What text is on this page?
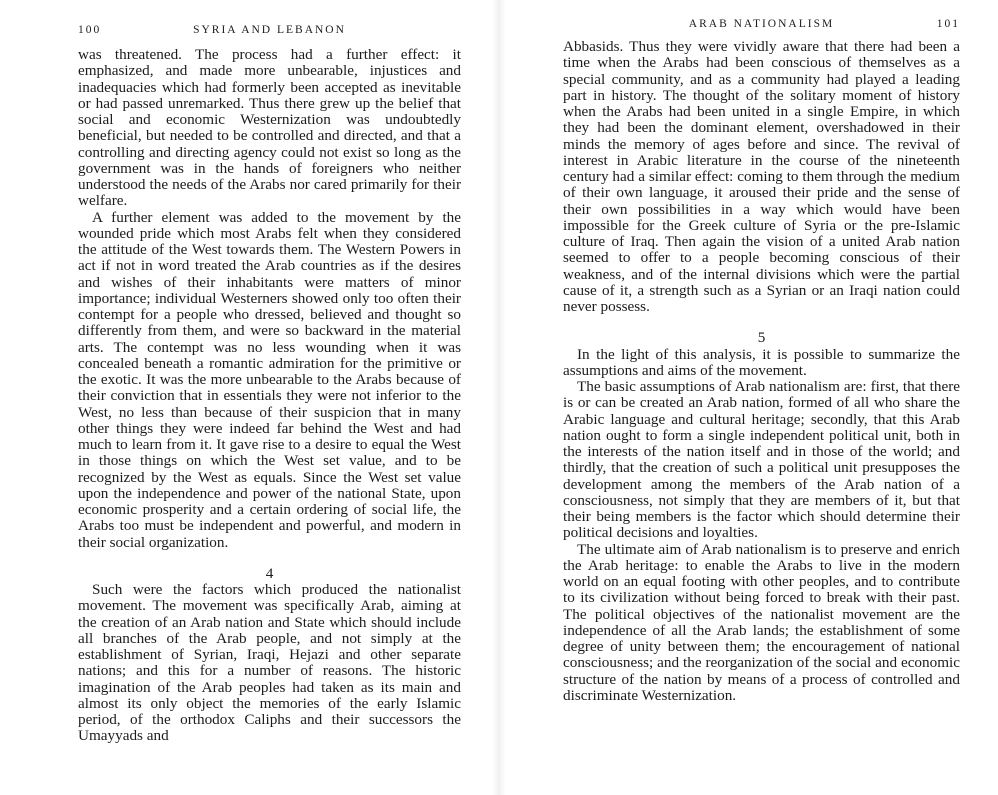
100	SYRIA AND LEBANON

was threatened. The process had a further effect: it emphasized, and made more unbearable, injustices and inadequacies which had formerly been accepted as inevitable or had passed unremarked. Thus there grew up the belief that social and economic Westernization was undoubtedly beneficial, but needed to be controlled and directed, and that a controlling and directing agency could not exist so long as the government was in the hands of foreigners who neither understood the needs of the Arabs nor cared primarily for their welfare.

A further element was added to the movement by the wounded pride which most Arabs felt when they considered the attitude of the West towards them. The Western Powers in act if not in word treated the Arab countries as if the desires and wishes of their inhabitants were matters of minor importance; individual Westerners showed only too often their contempt for a people who dressed, believed and thought so differently from them, and were so backward in the material arts. The contempt was no less wounding when it was concealed beneath a romantic admiration for the primitive or the exotic. It was the more unbearable to the Arabs because of their conviction that in essentials they were not inferior to the West, no less than because of their suspicion that in many other things they were indeed far behind the West and had much to learn from it. It gave rise to a desire to equal the West in those things on which the West set value, and to be recognized by the West as equals. Since the West set value upon the independence and power of the national State, upon economic prosperity and a certain ordering of social life, the Arabs too must be independent and powerful, and modern in their social organization.

4

Such were the factors which produced the nationalist movement. The movement was specifically Arab, aiming at the creation of an Arab nation and State which should include all branches of the Arab people, and not simply at the establishment of Syrian, Iraqi, Hejazi and other separate nations; and this for a number of reasons. The historic imagination of the Arab peoples had taken as its main and almost its only object the memories of the early Islamic period, of the orthodox Caliphs and their successors the Umayyads and

ARAB NATIONALISM	101

Abbasids. Thus they were vividly aware that there had been a time when the Arabs had been conscious of themselves as a special community, and as a community had played a leading part in history. The thought of the solitary moment of history when the Arabs had been united in a single Empire, in which they had been the dominant element, overshadowed in their minds the memory of ages before and since. The revival of interest in Arabic literature in the course of the nineteenth century had a similar effect: coming to them through the medium of their own language, it aroused their pride and the sense of their own possibilities in a way which would have been impossible for the Greek culture of Syria or the pre-Islamic culture of Iraq. Then again the vision of a united Arab nation seemed to offer to a people becoming conscious of their weakness, and of the internal divisions which were the partial cause of it, a strength such as a Syrian or an Iraqi nation could never possess.

5

In the light of this analysis, it is possible to summarize the assumptions and aims of the movement.

The basic assumptions of Arab nationalism are: first, that there is or can be created an Arab nation, formed of all who share the Arabic language and cultural heritage; secondly, that this Arab nation ought to form a single independent political unit, both in the interests of the nation itself and in those of the world; and thirdly, that the creation of such a political unit presupposes the development among the members of the Arab nation of a consciousness, not simply that they are members of it, but that their being members is the factor which should determine their political decisions and loyalties.

The ultimate aim of Arab nationalism is to preserve and enrich the Arab heritage: to enable the Arabs to live in the modern world on an equal footing with other peoples, and to contribute to its civilization without being forced to break with their past. The political objectives of the nationalist movement are the independence of all the Arab lands; the establishment of some degree of unity between them; the encouragement of national consciousness; and the reorganization of the social and economic structure of the nation by means of a process of controlled and discriminate Westernization.
